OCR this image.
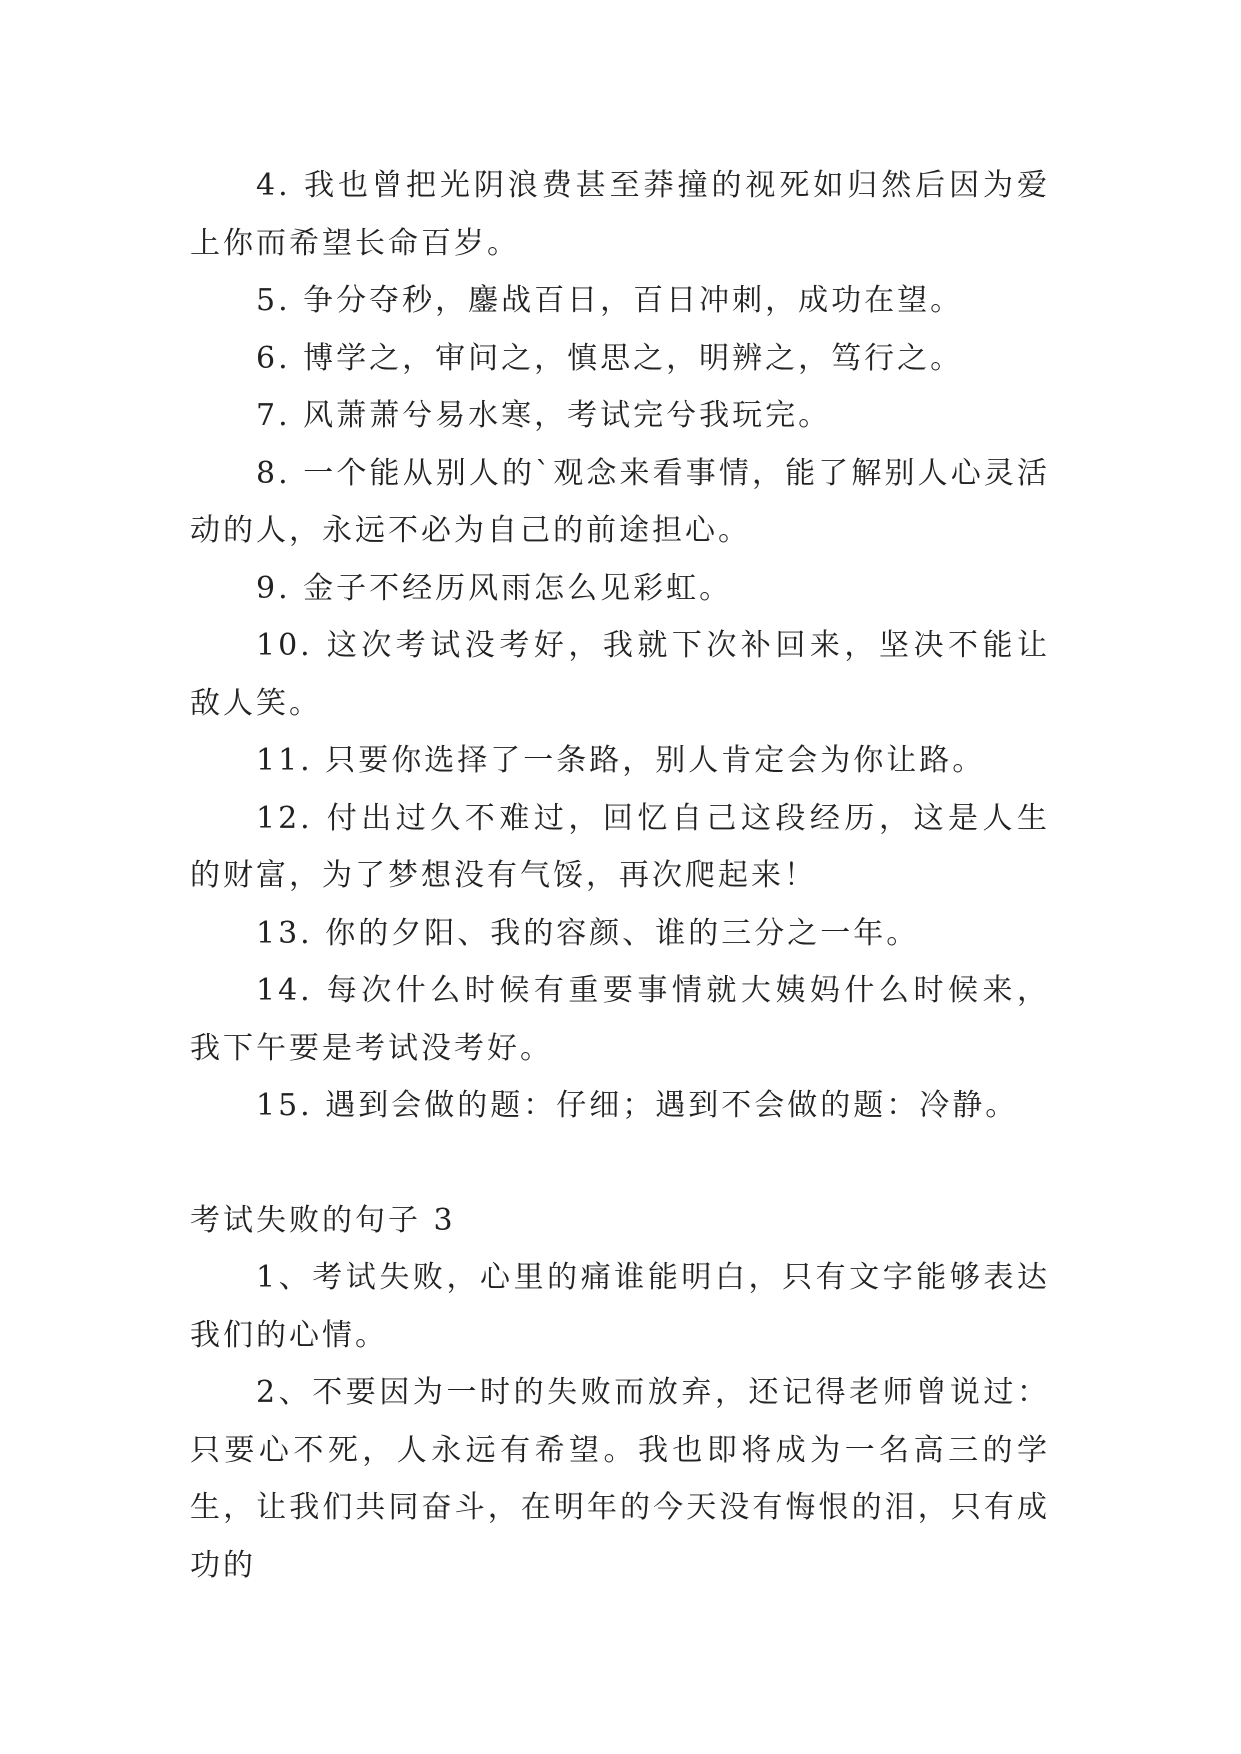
4. 我也曾把光阴浪费甚至莽撞的视死如归然后因为爱上你而希望长命百岁。

5. 争分夺秒，鏖战百日，百日冲刺，成功在望。

6. 博学之，审问之，慎思之，明辨之，笃行之。

7. 风萧萧兮易水寒，考试完兮我玩完。

8. 一个能从别人的`观念来看事情，能了解别人心灵活动的人，永远不必为自己的前途担心。

9. 金子不经历风雨怎么见彩虹。

10. 这次考试没考好，我就下次补回来，坚决不能让敌人笑。

11. 只要你选择了一条路，别人肯定会为你让路。

12. 付出过久不难过，回忆自己这段经历，这是人生的财富，为了梦想没有气馁，再次爬起来！

13. 你的夕阳、我的容颜、谁的三分之一年。

14. 每次什么时候有重要事情就大姨妈什么时候来，我下午要是考试没考好。

15. 遇到会做的题：仔细；遇到不会做的题：冷静。

考试失败的句子 3

1、考试失败，心里的痛谁能明白，只有文字能够表达我们的心情。

2、不要因为一时的失败而放弃，还记得老师曾说过：只要心不死，人永远有希望。我也即将成为一名高三的学生，让我们共同奋斗，在明年的今天没有悔恨的泪，只有成功的
